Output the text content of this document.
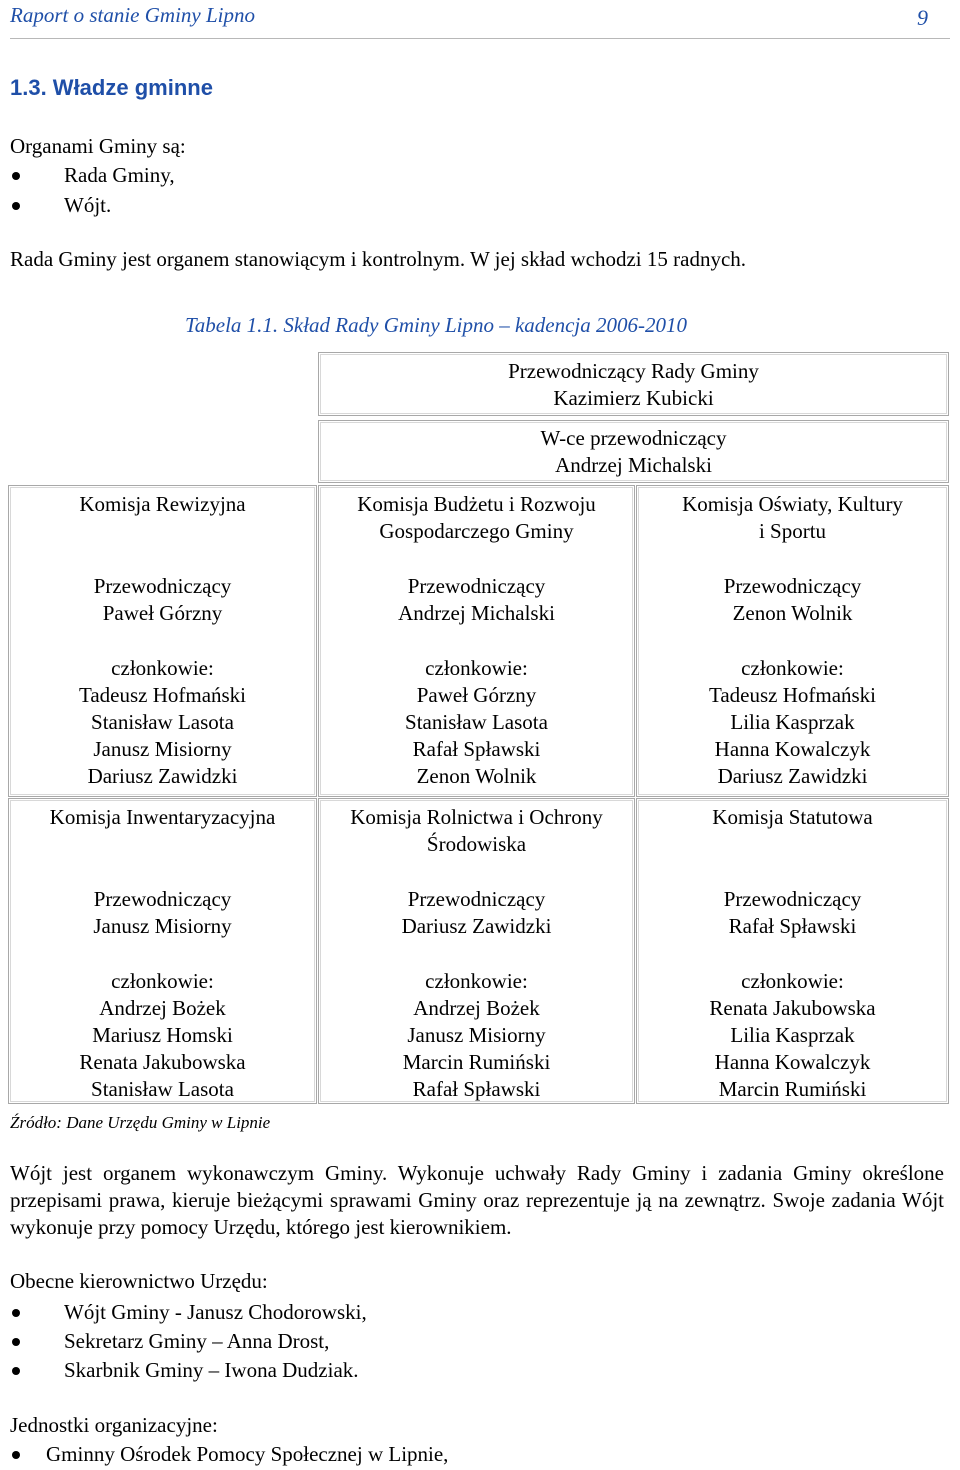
Raport o stanie Gminy Lipno	9
1.3. Władze gminne
Organami Gminy są:
Rada Gminy,
Wójt.
Rada Gminy jest organem stanowiącym i kontrolnym. W jej skład wchodzi 15 radnych.
Tabela 1.1. Skład Rady Gminy Lipno – kadencja 2006-2010
Przewodniczący Rady Gminy
Kazimierz Kubicki
W-ce przewodniczący
Andrzej Michalski
Komisja Rewizyjna
Przewodniczący
Paweł Górzny
członkowie:
Tadeusz Hofmański
Stanisław Lasota
Janusz Misiorny
Dariusz Zawidzki
Komisja Budżetu i Rozwoju
Gospodarczego Gminy
Przewodniczący
Andrzej Michalski
członkowie:
Paweł Górzny
Stanisław Lasota
Rafał Spławski
Zenon Wolnik
Komisja Oświaty, Kultury
i Sportu
Przewodniczący
Zenon Wolnik
członkowie:
Tadeusz Hofmański
Lilia Kasprzak
Hanna Kowalczyk
Dariusz Zawidzki
Komisja Inwentaryzacyjna
Przewodniczący
Janusz Misiorny
członkowie:
Andrzej Bożek
Mariusz Homski
Renata Jakubowska
Stanisław Lasota
Komisja Rolnictwa i Ochrony
Środowiska
Przewodniczący
Dariusz Zawidzki
członkowie:
Andrzej Bożek
Janusz Misiorny
Marcin Rumiński
Rafał Spławski
Komisja Statutowa
Przewodniczący
Rafał Spławski
członkowie:
Renata Jakubowska
Lilia Kasprzak
Hanna Kowalczyk
Marcin Rumiński
Źródło: Dane Urzędu Gminy w Lipnie
Wójt jest organem wykonawczym Gminy. Wykonuje uchwały Rady Gminy i zadania Gminy określone przepisami prawa, kieruje bieżącymi sprawami Gminy oraz reprezentuje ją na zewnątrz. Swoje zadania Wójt wykonuje przy pomocy Urzędu, którego jest kierownikiem.
Obecne kierownictwo Urzędu:
Wójt Gminy - Janusz Chodorowski,
Sekretarz Gminy – Anna Drost,
Skarbnik Gminy – Iwona Dudziak.
Jednostki organizacyjne:
Gminny Ośrodek Pomocy Społecznej w Lipnie,
